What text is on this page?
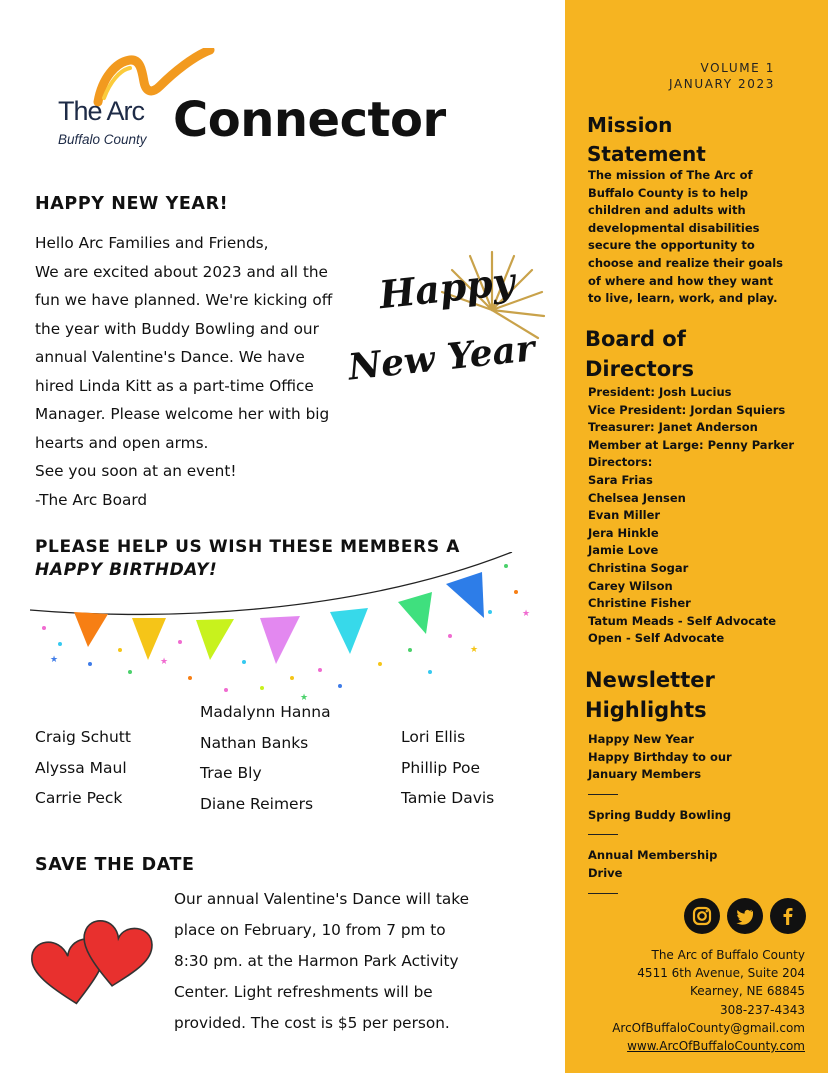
The Arc
Buffalo County Connector
HAPPY NEW YEAR!
Hello Arc Families and Friends,
We are excited about 2023 and all the
fun we have planned. We're kicking off
the year with Buddy Bowling and our
annual Valentine's Dance. We have
hired Linda Kitt as a part-time Office
Manager. Please welcome her with big
hearts and open arms.
See you soon at an event!
-The Arc Board
Happy
New Year
PLEASE HELP US WISH THESE MEMBERS A
HAPPY BIRTHDAY!
★	★
★
★
★
Craig Schutt
Alyssa Maul
Carrie Peck
Madalynn Hanna
Nathan Banks
Trae Bly
Diane Reimers
Lori Ellis
Phillip Poe
Tamie Davis
SAVE THE DATE
Our annual Valentine's Dance will take
place on February, 10 from 7 pm to
8:30 pm. at the Harmon Park Activity
Center. Light refreshments will be
provided. The cost is $5 per person.
VOLUME 1
JANUARY 2023
Mission
Statement
The mission of The Arc of
Buffalo County is to help
children and adults with
developmental disabilities
secure the opportunity to
choose and realize their goals
of where and how they want
to live, learn, work, and play.
Board of
Directors
President: Josh Lucius
Vice President: Jordan Squiers
Treasurer: Janet Anderson
Member at Large: Penny Parker
Directors:
Sara Frias
Chelsea Jensen
Evan Miller
Jera Hinkle
Jamie Love
Christina Sogar
Carey Wilson
Christine Fisher
Tatum Meads - Self Advocate
Open - Self Advocate
Newsletter
Highlights
Happy New Year
Happy Birthday to our
January Members
Spring Buddy Bowling
Annual Membership
Drive
The Arc of Buffalo County
4511 6th Avenue, Suite 204
Kearney, NE 68845
308-237-4343
ArcOfBuffaloCounty@gmail.com
www.ArcOfBuffaloCounty.com
